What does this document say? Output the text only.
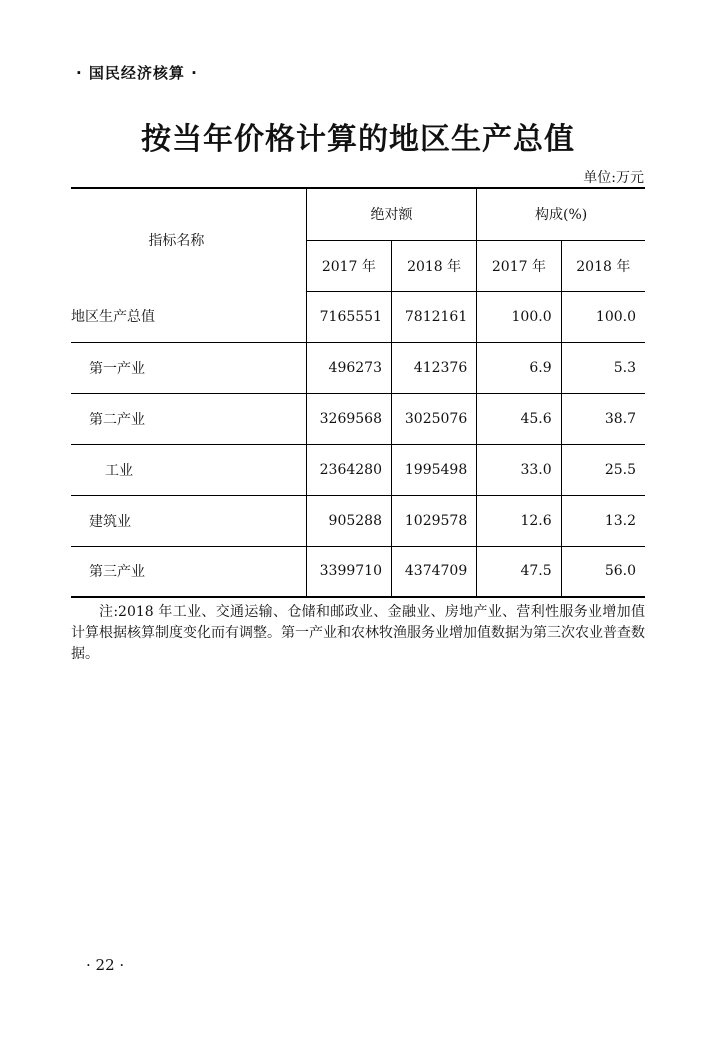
· 国民经济核算 ·
按当年价格计算的地区生产总值
单位:万元
指标名称	绝对额		构成(%)	
	2017 年	2018 年	2017 年	2018 年
地区生产总值	7165551	7812161	100.0	100.0
第一产业	496273	412376	6.9	5.3
第二产业	3269568	3025076	45.6	38.7
工业	2364280	1995498	33.0	25.5
建筑业	905288	1029578	12.6	13.2
第三产业	3399710	4374709	47.5	56.0
注:2018 年工业、交通运输、仓储和邮政业、金融业、房地产业、营利性服务业增加值计算根据核算制度变化而有调整。第一产业和农林牧渔服务业增加值数据为第三次农业普查数据。
· 22 ·
